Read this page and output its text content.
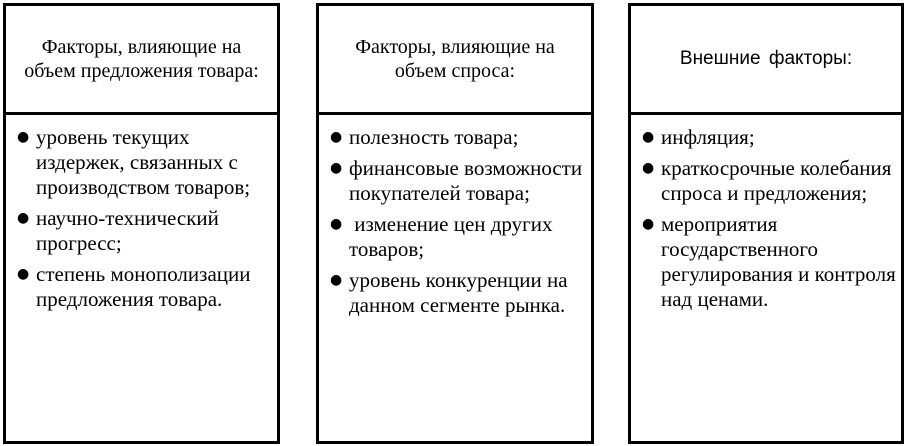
Факторы, влияющие на объем предложения товара:
● уровень текущих издержек, связанных с производством товаров;
● научно-технический прогресс;
● степень монополизации предложения товара.
Факторы, влияющие на объем спроса:
● полезность товара;
● финансовые возможности покупателей товара;
● изменение цен других товаров;
● уровень конкуренции на данном сегменте рынка.
Внешние факторы:
● инфляция;
● краткосрочные колебания спроса и предложения;
● мероприятия государственного регулирования и контроля над ценами.
